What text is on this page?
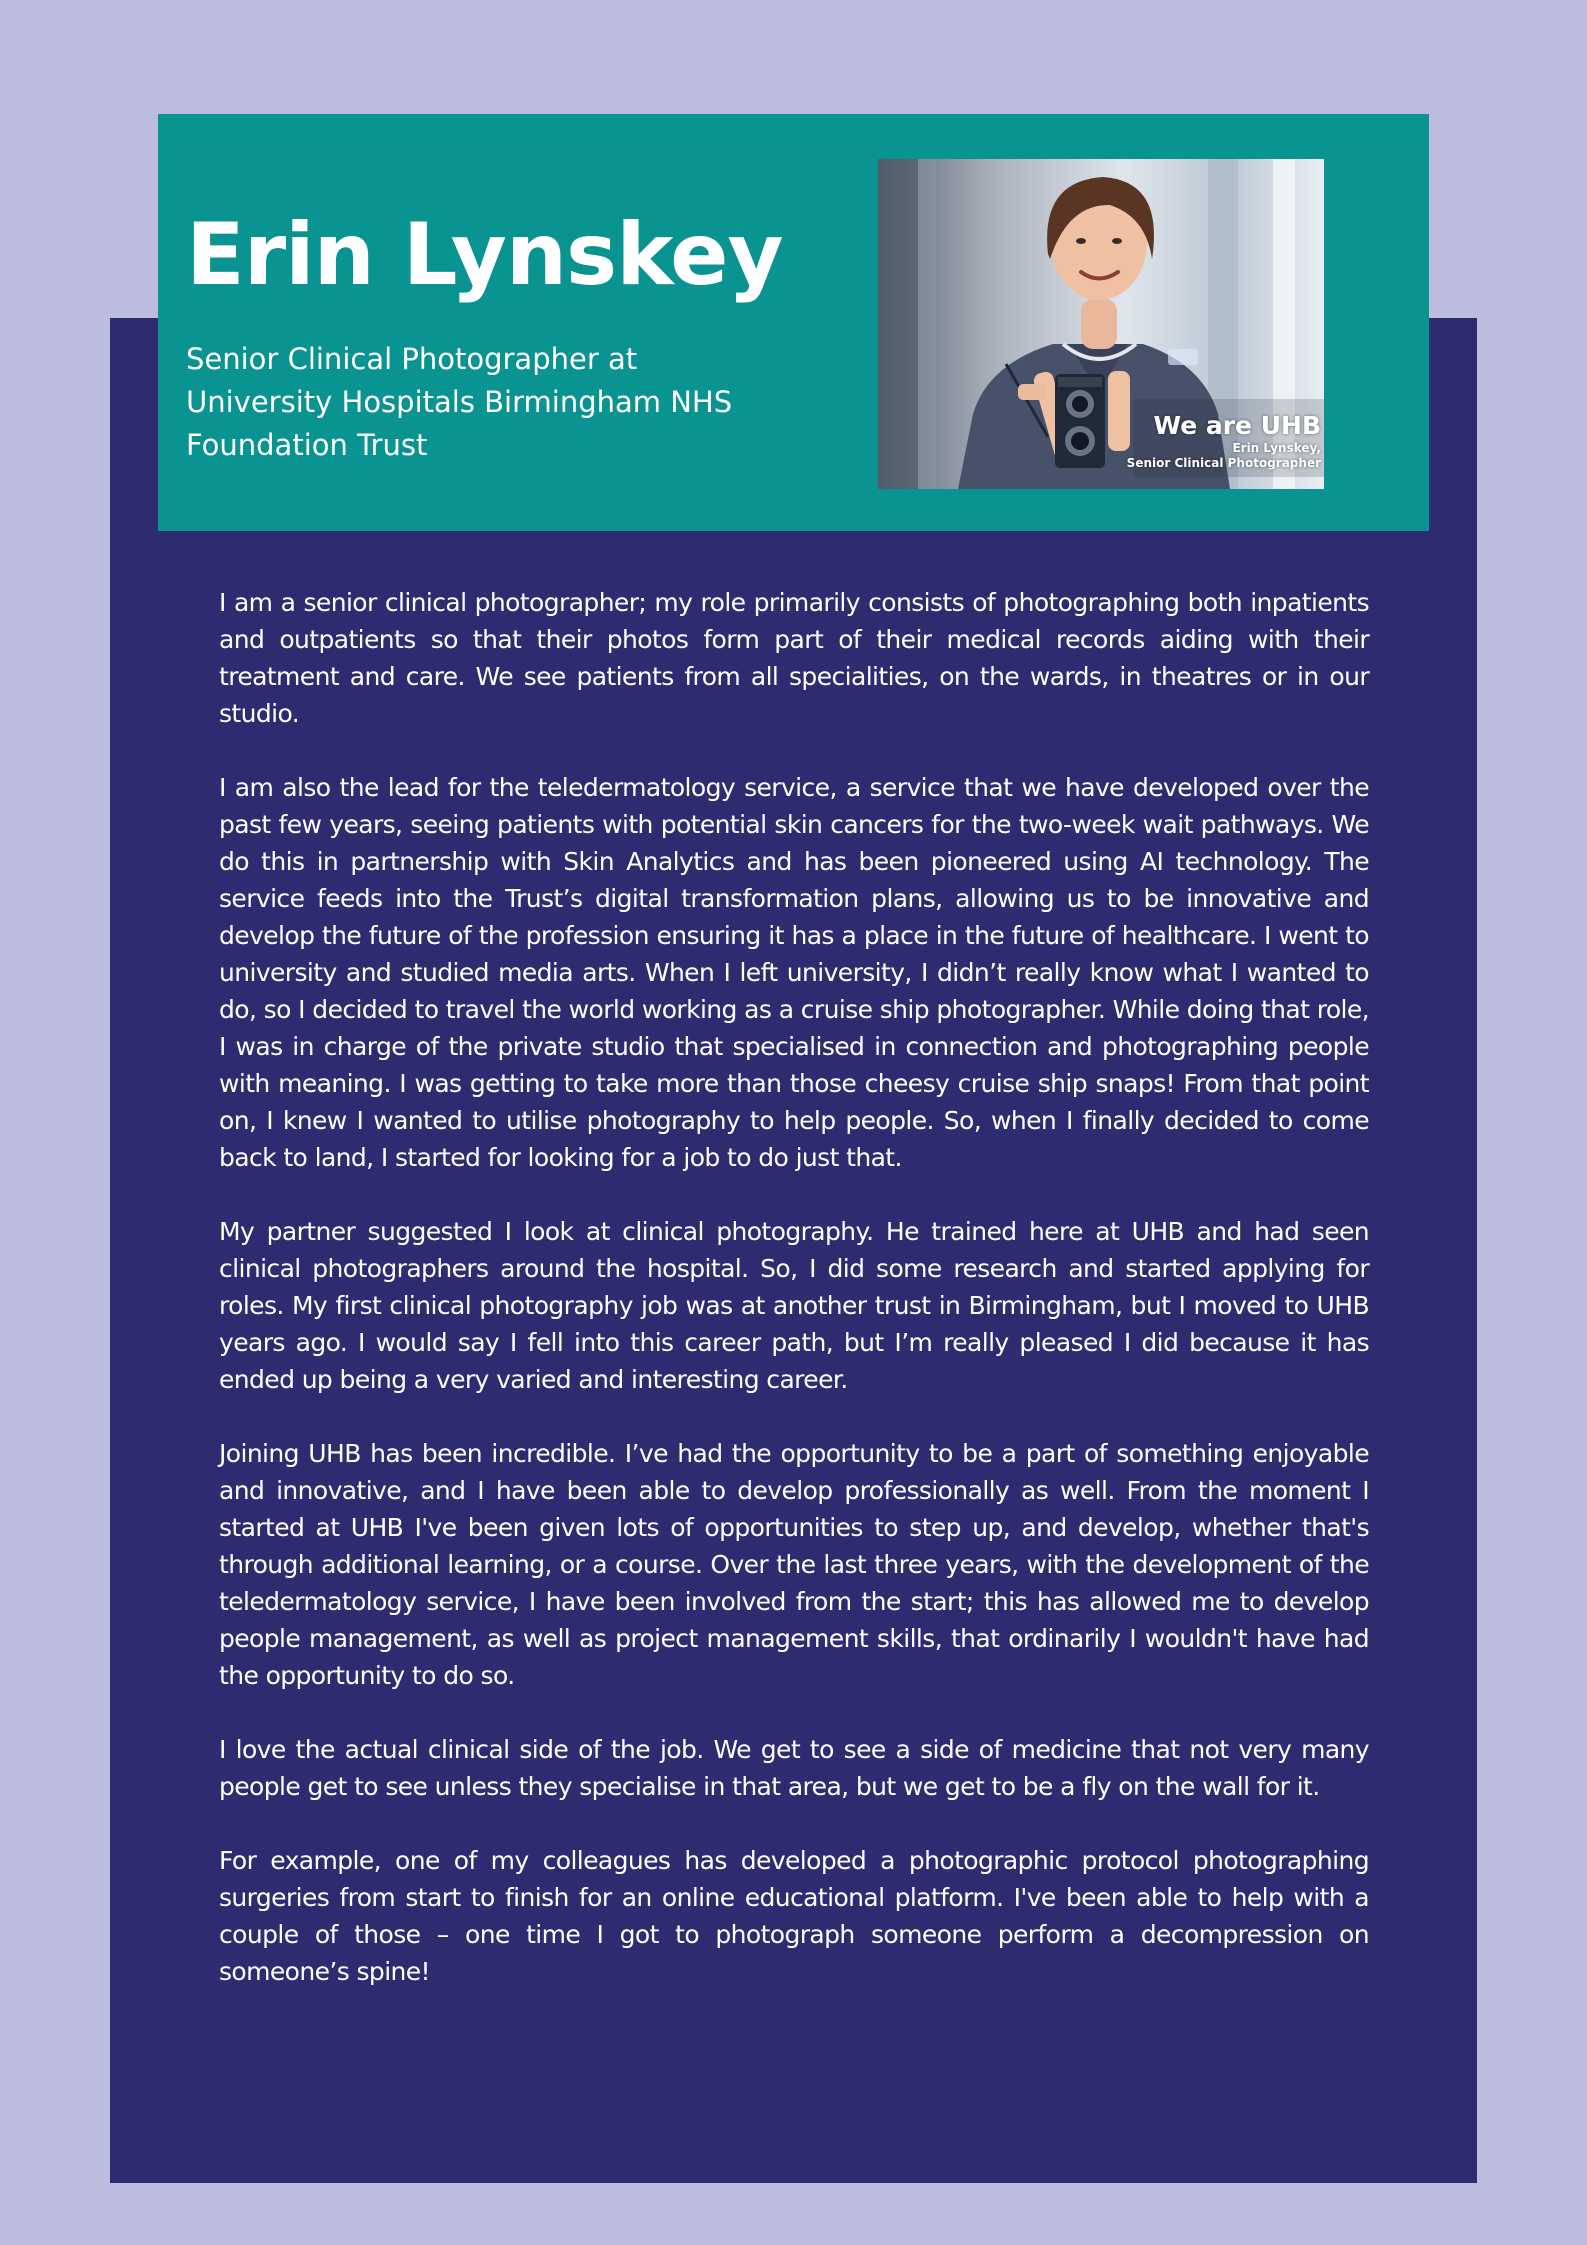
Erin Lynskey

Senior Clinical Photographer at University Hospitals Birmingham NHS Foundation Trust

We are UHB
Erin Lynskey,
Senior Clinical Photographer

I am a senior clinical photographer; my role primarily consists of photographing both inpatients and outpatients so that their photos form part of their medical records aiding with their treatment and care. We see patients from all specialities, on the wards, in theatres or in our studio.

I am also the lead for the teledermatology service, a service that we have developed over the past few years, seeing patients with potential skin cancers for the two-week wait pathways. We do this in partnership with Skin Analytics and has been pioneered using AI technology. The service feeds into the Trust’s digital transformation plans, allowing us to be innovative and develop the future of the profession ensuring it has a place in the future of healthcare. I went to university and studied media arts. When I left university, I didn’t really know what I wanted to do, so I decided to travel the world working as a cruise ship photographer. While doing that role, I was in charge of the private studio that specialised in connection and photographing people with meaning. I was getting to take more than those cheesy cruise ship snaps! From that point on, I knew I wanted to utilise photography to help people. So, when I finally decided to come back to land, I started for looking for a job to do just that.

My partner suggested I look at clinical photography. He trained here at UHB and had seen clinical photographers around the hospital. So, I did some research and started applying for roles. My first clinical photography job was at another trust in Birmingham, but I moved to UHB years ago. I would say I fell into this career path, but I’m really pleased I did because it has ended up being a very varied and interesting career.

Joining UHB has been incredible. I’ve had the opportunity to be a part of something enjoyable and innovative, and I have been able to develop professionally as well. From the moment I started at UHB I've been given lots of opportunities to step up, and develop, whether that's through additional learning, or a course. Over the last three years, with the development of the teledermatology service, I have been involved from the start; this has allowed me to develop people management, as well as project management skills, that ordinarily I wouldn't have had the opportunity to do so.

I love the actual clinical side of the job. We get to see a side of medicine that not very many people get to see unless they specialise in that area, but we get to be a fly on the wall for it.

For example, one of my colleagues has developed a photographic protocol photographing surgeries from start to finish for an online educational platform. I've been able to help with a couple of those – one time I got to photograph someone perform a decompression on someone’s spine!
